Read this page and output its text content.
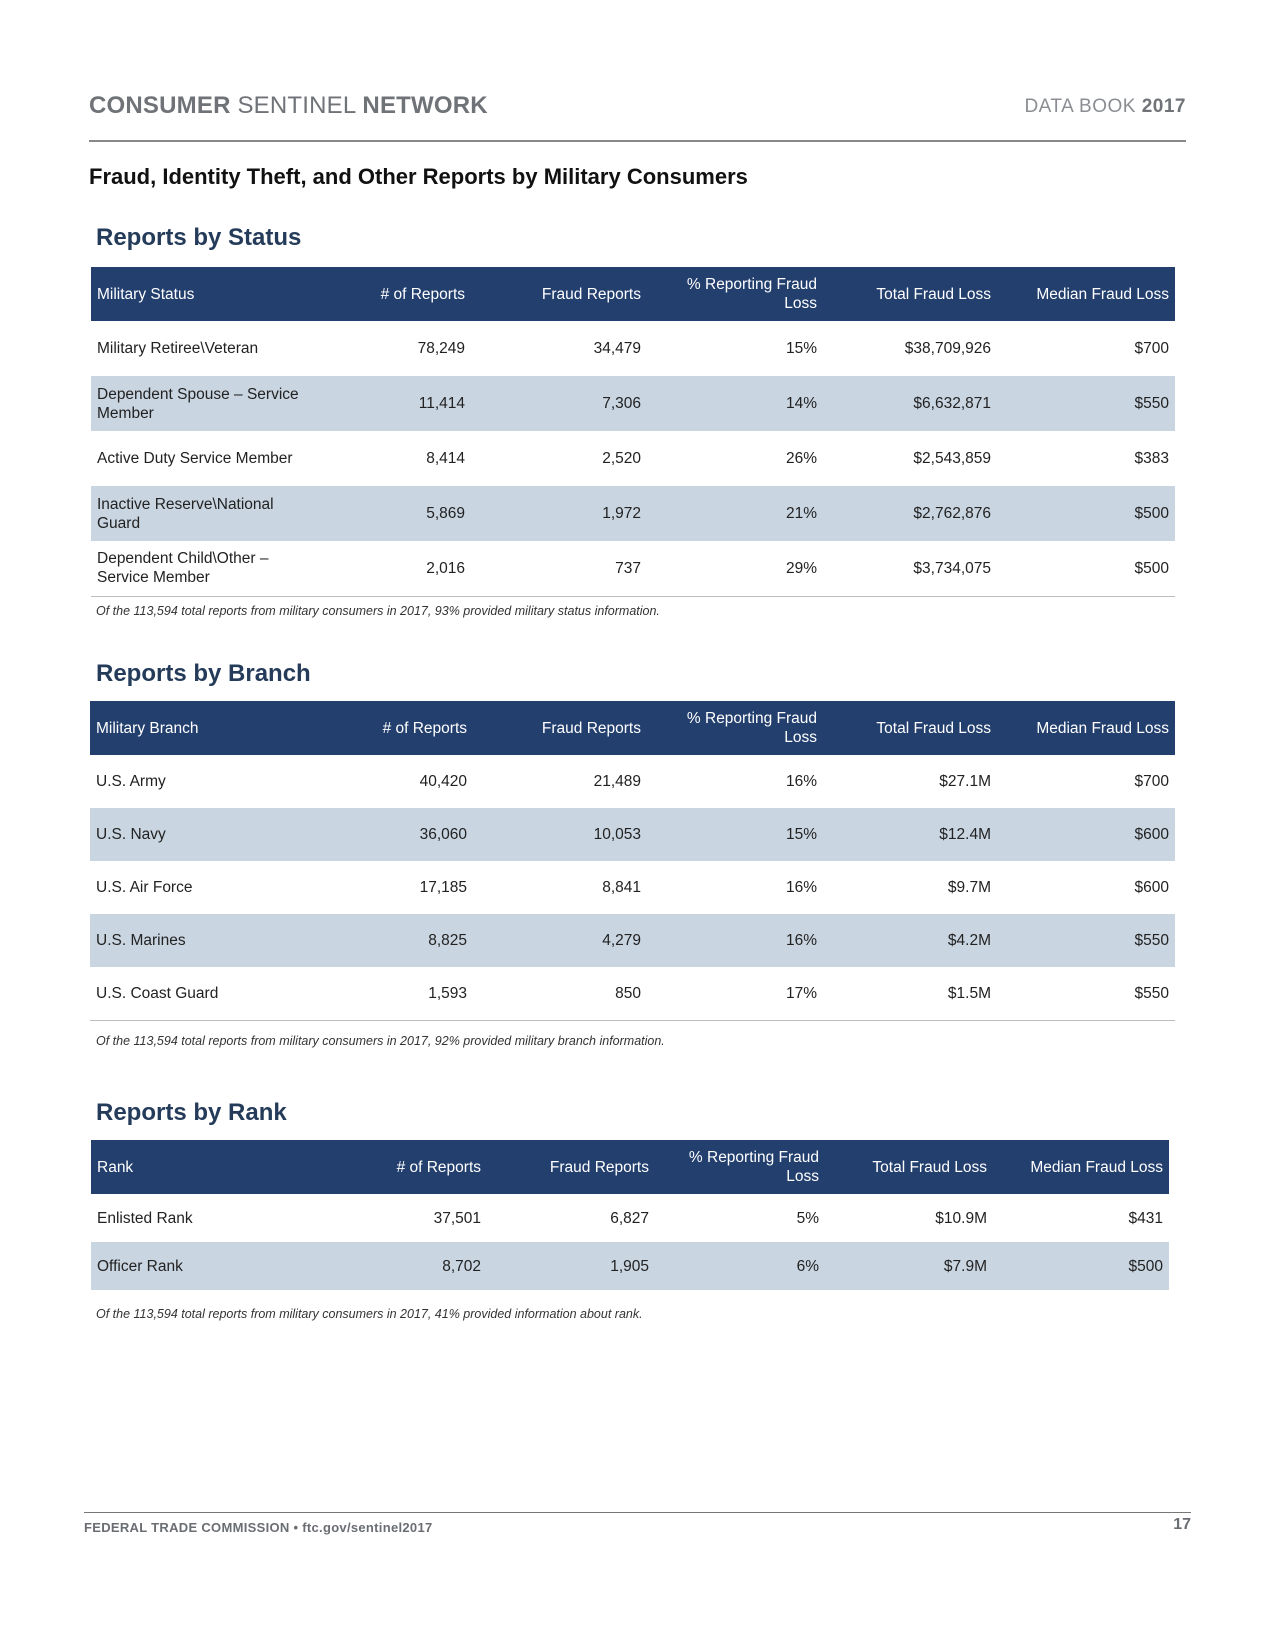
CONSUMER SENTINEL NETWORK	DATA BOOK 2017
Fraud, Identity Theft, and Other Reports by Military Consumers
Reports by Status
Military Status	# of Reports	Fraud Reports	% Reporting Fraud Loss	Total Fraud Loss	Median Fraud Loss
Military Retiree\Veteran	78,249	34,479	15%	$38,709,926	$700
Dependent Spouse – Service Member	11,414	7,306	14%	$6,632,871	$550
Active Duty Service Member	8,414	2,520	26%	$2,543,859	$383
Inactive Reserve\National Guard	5,869	1,972	21%	$2,762,876	$500
Dependent Child\Other – Service Member	2,016	737	29%	$3,734,075	$500
Of the 113,594 total reports from military consumers in 2017, 93% provided military status information.
Reports by Branch
Military Branch	# of Reports	Fraud Reports	% Reporting Fraud Loss	Total Fraud Loss	Median Fraud Loss
U.S. Army	40,420	21,489	16%	$27.1M	$700
U.S. Navy	36,060	10,053	15%	$12.4M	$600
U.S. Air Force	17,185	8,841	16%	$9.7M	$600
U.S. Marines	8,825	4,279	16%	$4.2M	$550
U.S. Coast Guard	1,593	850	17%	$1.5M	$550
Of the 113,594 total reports from military consumers in 2017, 92% provided military branch information.
Reports by Rank
Rank	# of Reports	Fraud Reports	% Reporting Fraud Loss	Total Fraud Loss	Median Fraud Loss
Enlisted Rank	37,501	6,827	5%	$10.9M	$431
Officer Rank	8,702	1,905	6%	$7.9M	$500
Of the 113,594 total reports from military consumers in 2017, 41% provided information about rank.
FEDERAL TRADE COMMISSION • ftc.gov/sentinel2017	17
